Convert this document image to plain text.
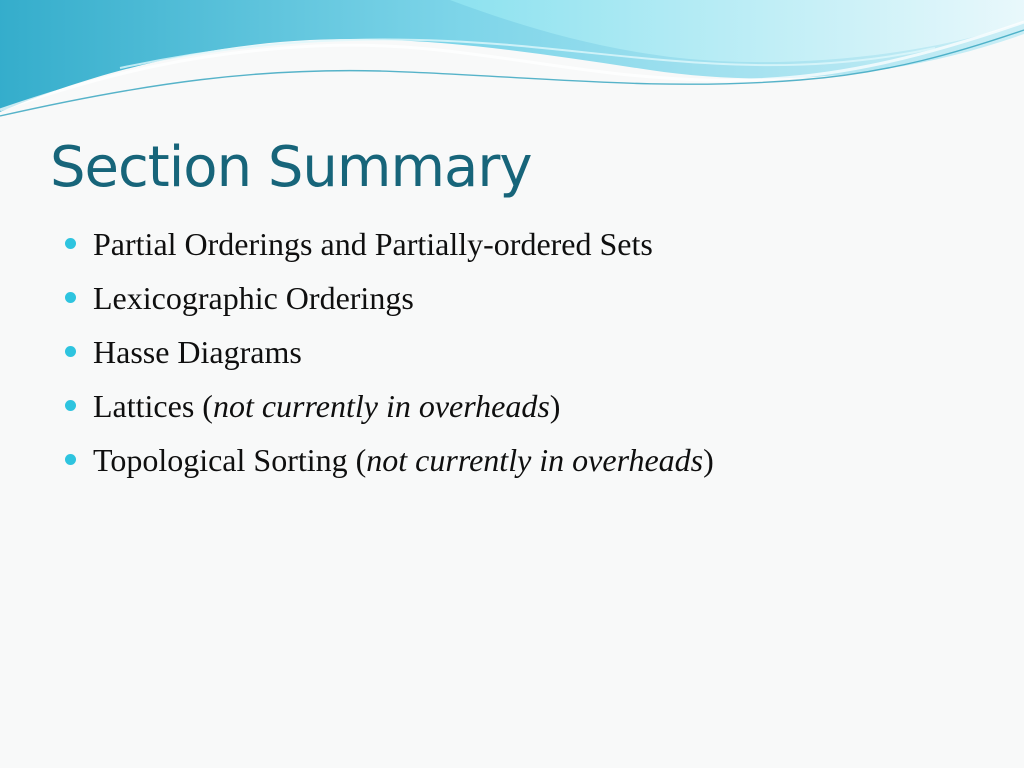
Section Summary
Partial Orderings and Partially-ordered Sets
Lexicographic Orderings
Hasse Diagrams
Lattices (not currently in overheads)
Topological Sorting (not currently in overheads)
